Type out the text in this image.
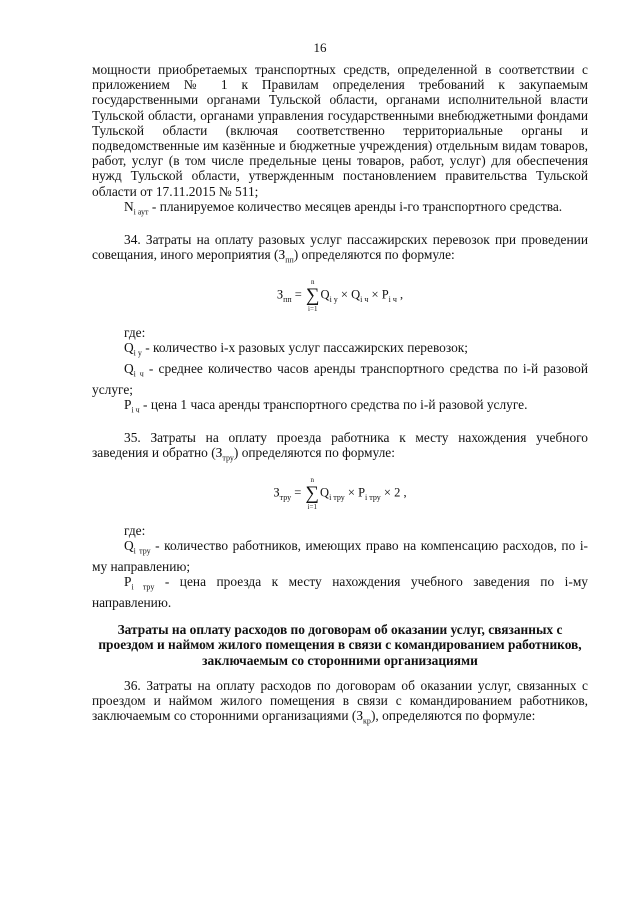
16

мощности приобретаемых транспортных средств, определенной в соответствии с приложением № 1 к Правилам определения требований к закупаемым государственными органами Тульской области, органами исполнительной власти Тульской области, органами управления государственными внебюджетными фондами Тульской области (включая соответственно территориальные органы и подведомственные им казённые и бюджетные учреждения) отдельным видам товаров, работ, услуг (в том числе предельные цены товаров, работ, услуг) для обеспечения нужд Тульской области, утвержденным постановлением правительства Тульской области от 17.11.2015 № 511;

$N_{i аут}$ - планируемое количество месяцев аренды i-го транспортного средства.

34. Затраты на оплату разовых услуг пассажирских перевозок при проведении совещания, иного мероприятия $(З_{пп})$ определяются по формуле:

$З_{пп}$ =
n
∑
i=1
$Q_{i у} \times Q_{i ч} \times P_{i ч}$ ,

где:

$Q_{i у}$ - количество i-х разовых услуг пассажирских перевозок;

$Q_{i ч}$ - среднее количество часов аренды транспортного средства по i-й разовой услуге;

$P_{i ч}$ - цена 1 часа аренды транспортного средства по i-й разовой услуге.

35. Затраты на оплату проезда работника к месту нахождения учебного заведения и обратно $(З_{тру})$ определяются по формуле:

$З_{тру}$ =
n
∑
i=1
$Q_{i тру} \times P_{i тру} \times 2$ ,

где:

$Q_{i тру}$ - количество работников, имеющих право на компенсацию расходов, по i-му направлению;

$P_{i тру}$ - цена проезда к месту нахождения учебного заведения по i-му направлению.

Затраты на оплату расходов по договорам об оказании услуг, связанных с проездом и наймом жилого помещения в связи с командированием работников, заключаемым со сторонними организациями

36. Затраты на оплату расходов по договорам об оказании услуг, связанных с проездом и наймом жилого помещения в связи с командированием работников, заключаемым со сторонними организациями $(З_{кр})$, определяются по формуле:
